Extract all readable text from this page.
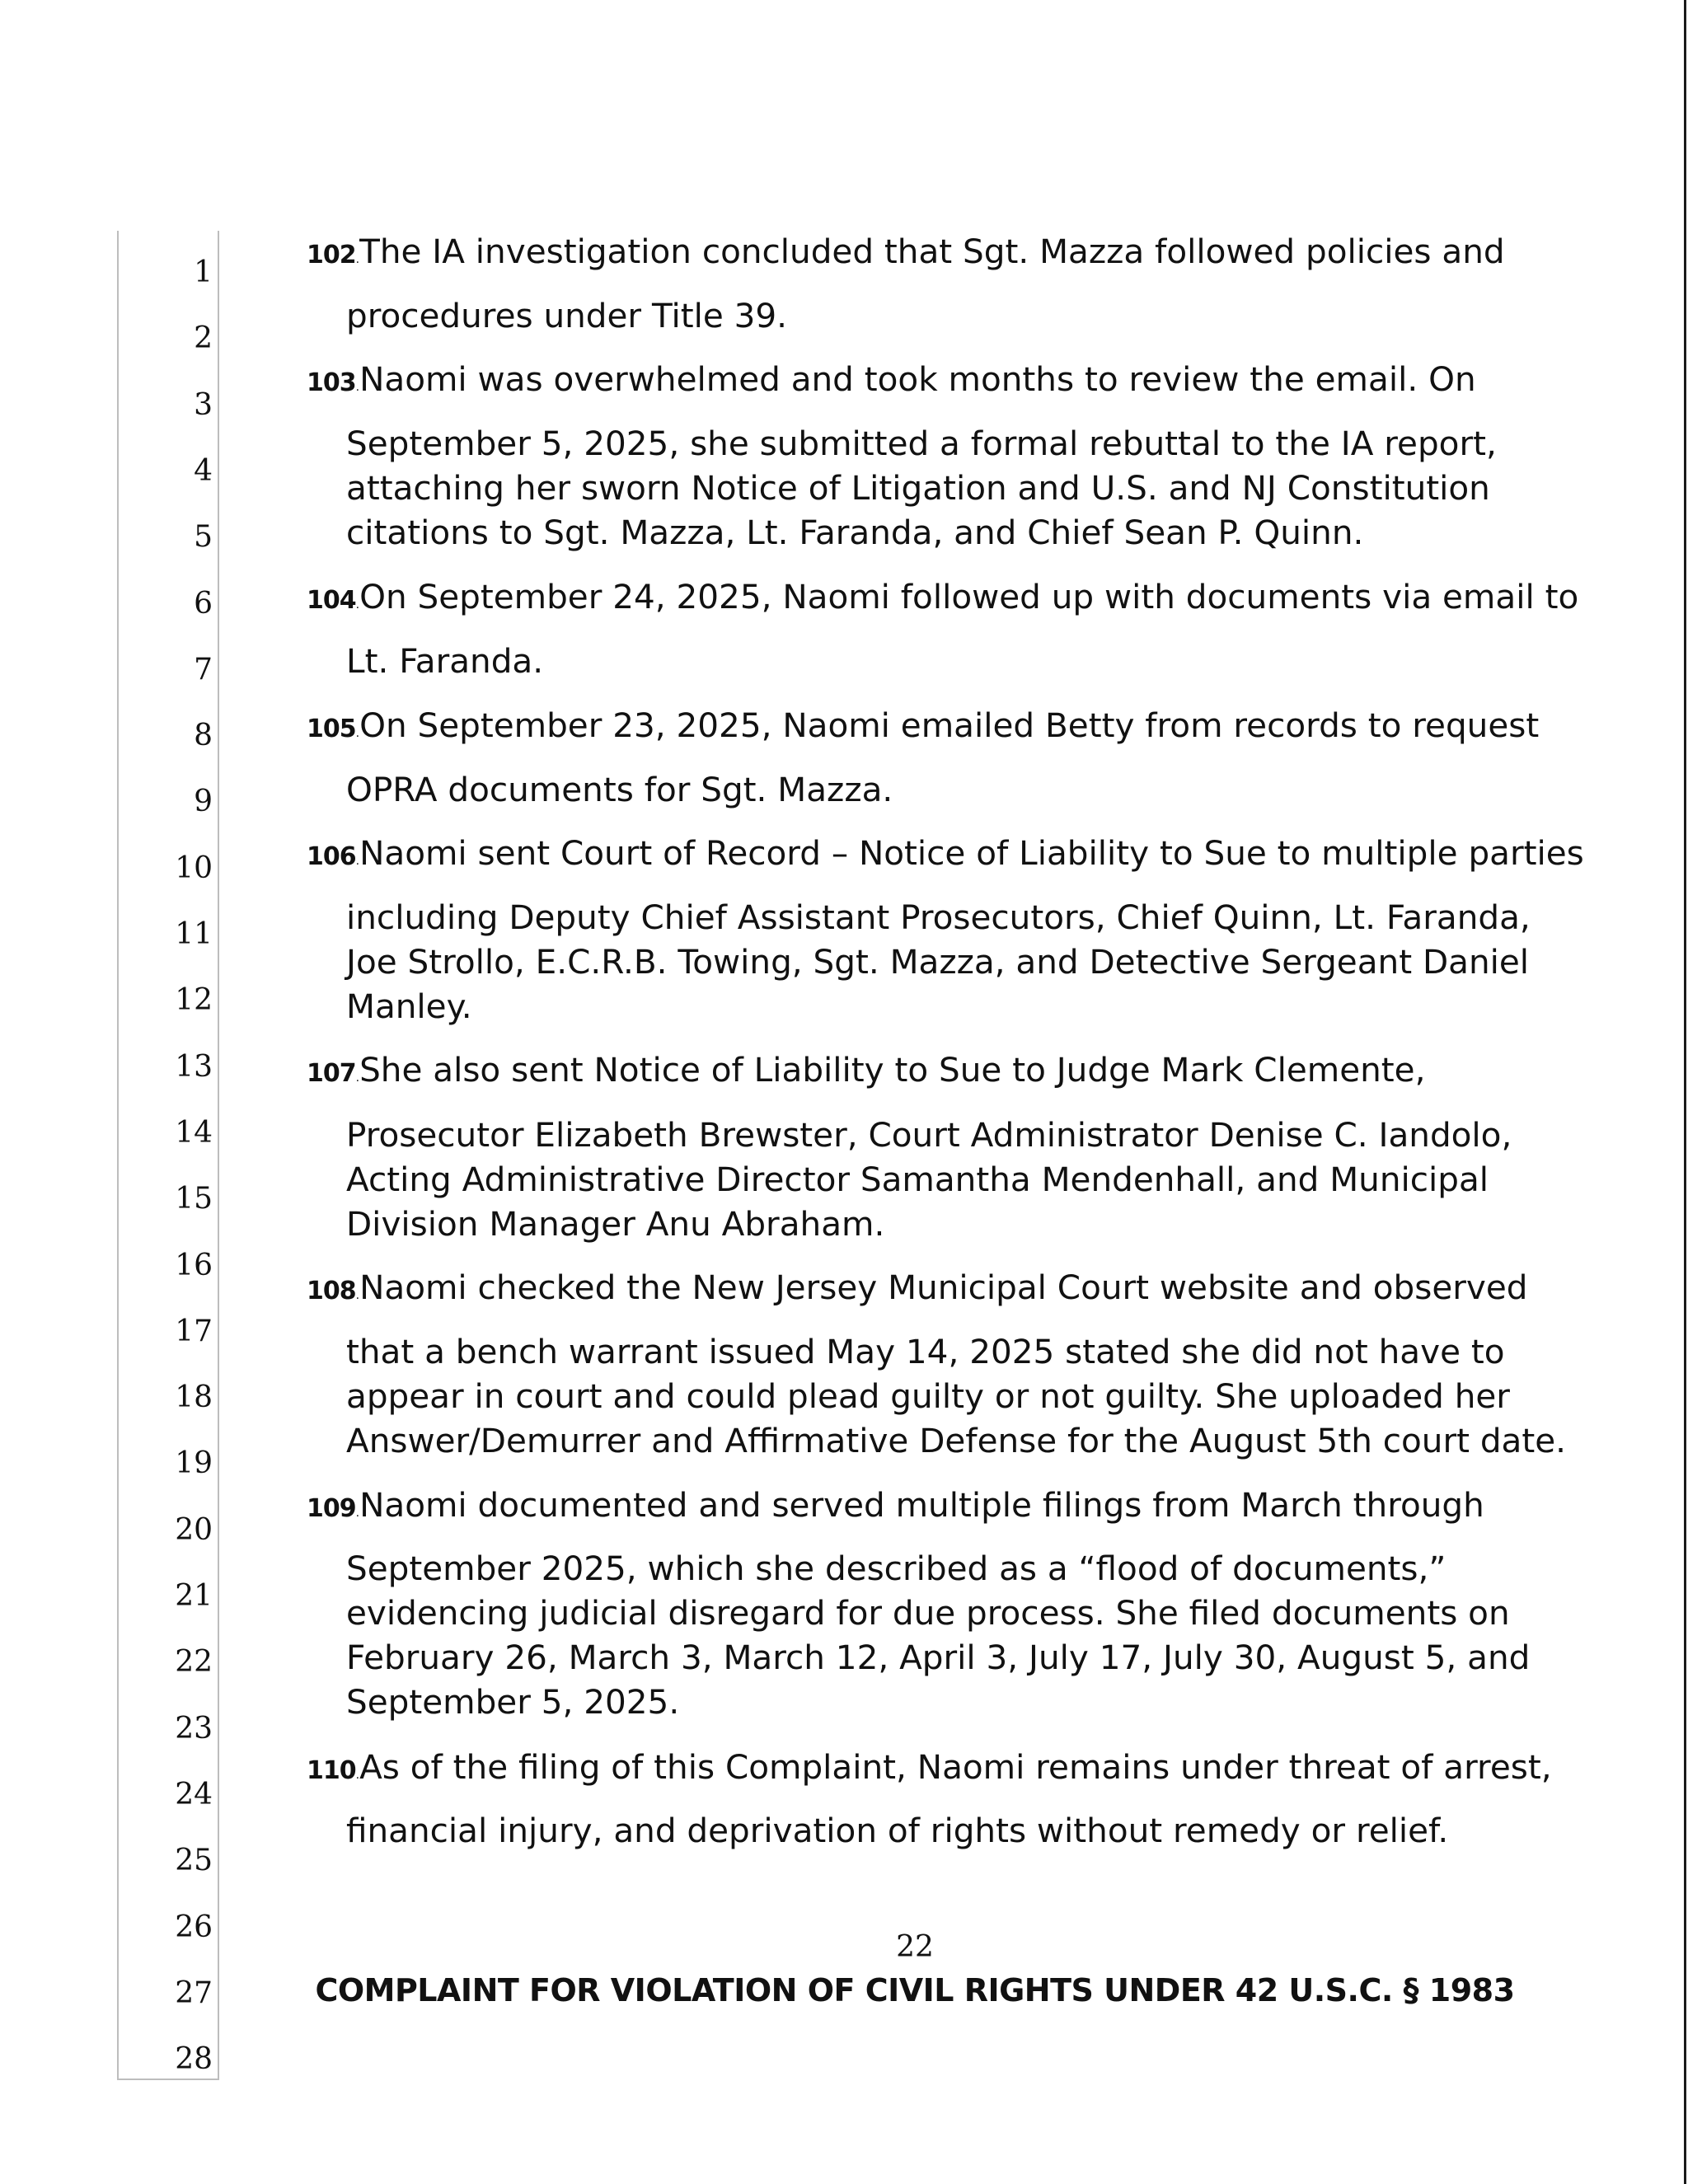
1
2
3
4
5
6
7
8
9
10
11
12
13
14
15
16
17
18
19
20
21
22
23
24
25
26
27
28
102.The IA investigation concluded that Sgt. Mazza followed policies and
procedures under Title 39.
103.Naomi was overwhelmed and took months to review the email. On
September 5, 2025, she submitted a formal rebuttal to the IA report,
attaching her sworn Notice of Litigation and U.S. and NJ Constitution
citations to Sgt. Mazza, Lt. Faranda, and Chief Sean P. Quinn.
104.On September 24, 2025, Naomi followed up with documents via email to
Lt. Faranda.
105.On September 23, 2025, Naomi emailed Betty from records to request
OPRA documents for Sgt. Mazza.
106.Naomi sent Court of Record – Notice of Liability to Sue to multiple parties
including Deputy Chief Assistant Prosecutors, Chief Quinn, Lt. Faranda,
Joe Strollo, E.C.R.B. Towing, Sgt. Mazza, and Detective Sergeant Daniel
Manley.
107.She also sent Notice of Liability to Sue to Judge Mark Clemente,
Prosecutor Elizabeth Brewster, Court Administrator Denise C. Iandolo,
Acting Administrative Director Samantha Mendenhall, and Municipal
Division Manager Anu Abraham.
108.Naomi checked the New Jersey Municipal Court website and observed
that a bench warrant issued May 14, 2025 stated she did not have to
appear in court and could plead guilty or not guilty. She uploaded her
Answer/Demurrer and Affirmative Defense for the August 5th court date.
109.Naomi documented and served multiple filings from March through
September 2025, which she described as a “flood of documents,”
evidencing judicial disregard for due process. She filed documents on
February 26, March 3, March 12, April 3, July 17, July 30, August 5, and
September 5, 2025.
110.As of the filing of this Complaint, Naomi remains under threat of arrest,
financial injury, and deprivation of rights without remedy or relief.
22
COMPLAINT FOR VIOLATION OF CIVIL RIGHTS UNDER 42 U.S.C. § 1983
